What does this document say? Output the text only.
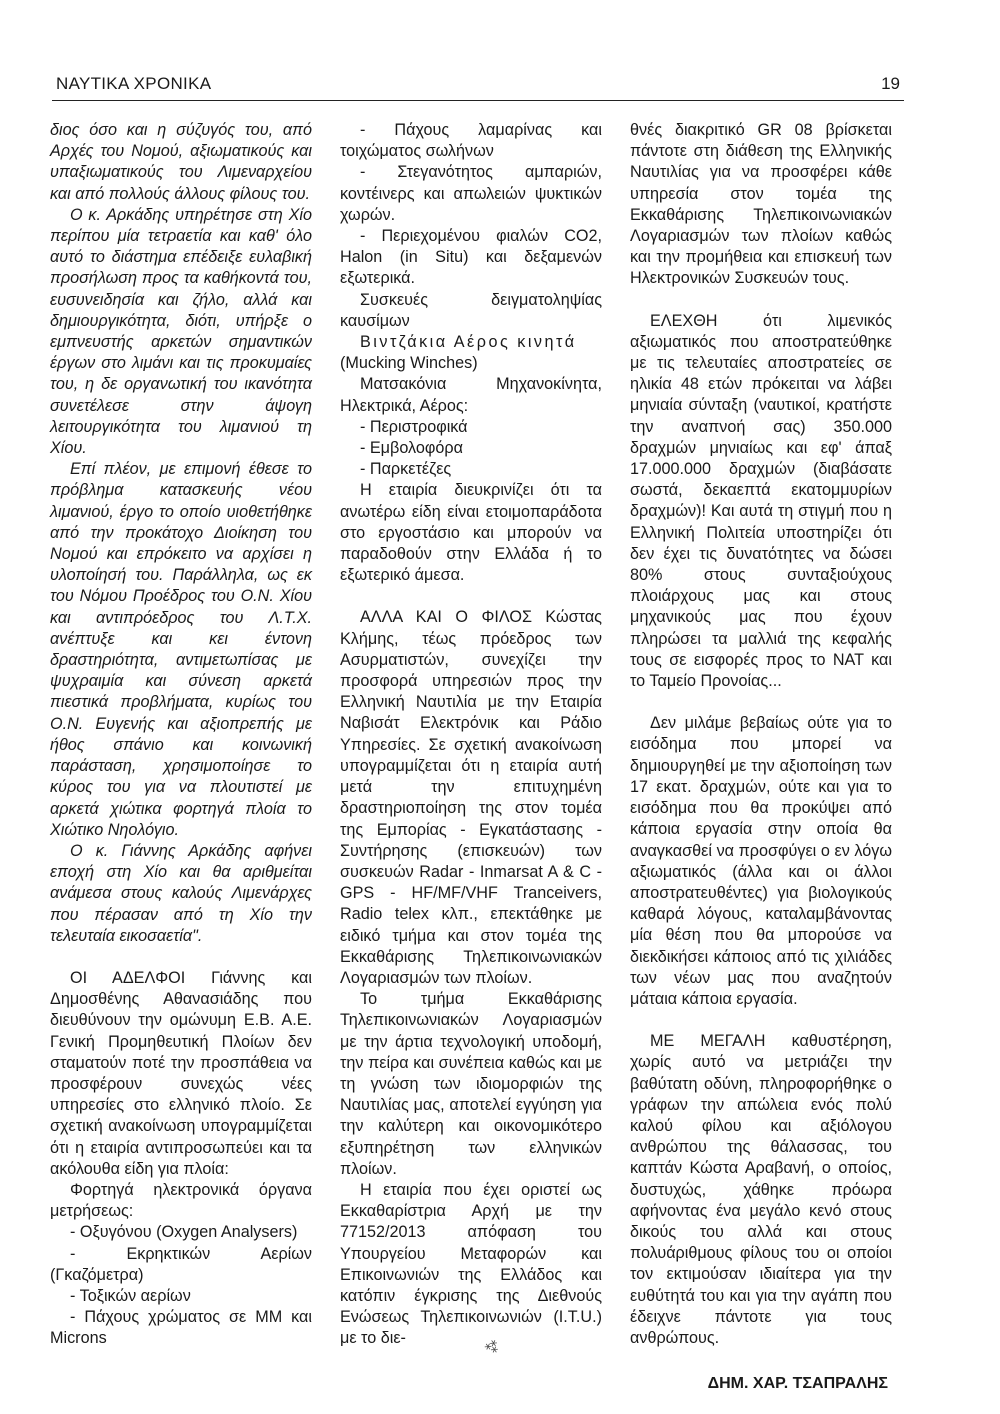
ΝΑΥΤΙΚΑ ΧΡΟΝΙΚΑ	19

διος όσο και η σύζυγός του, από Αρχές του Νομού, αξιωματικούς και υπαξιωματικούς του Λιμεναρχείου και από πολλούς άλλους φίλους του.

Ο κ. Αρκάδης υπηρέτησε στη Χίο περίπου μία τετραετία και καθ' όλο αυτό το διάστημα επέδειξε ευλαβική προσήλωση προς τα καθήκοντά του, ευσυνειδησία και ζήλο, αλλά και δημιουργικότητα, διότι, υπήρξε ο εμπνευστής αρκετών σημαντικών έργων στο λιμάνι και τις προκυμαίες του, η δε οργανωτική του ικανότητα συνετέλεσε στην άψογη λειτουργικότητα του λιμανιού τη Χίου.

Επί πλέον, με επιμονή έθεσε το πρόβλημα κατασκευής νέου λιμανιού, έργο το οποίο υιοθετήθηκε από την προκάτοχο Διοίκηση του Νομού και επρόκειτο να αρχίσει η υλοποίησή του. Παράλληλα, ως εκ του Νόμου Προέδρος του Ο.Ν. Χίου και αντιπρόεδρος του Λ.Τ.Χ. ανέπτυξε και κει έντονη δραστηριότητα, αντιμετωπίσας με ψυχραιμία και σύνεση αρκετά πιεστικά προβλήματα, κυρίως του Ο.Ν. Ευγενής και αξιοπρεπής με ήθος σπάνιο και κοινωνική παράσταση, χρησιμοποίησε το κύρος του για να πλουτιστεί με αρκετά χιώτικα φορτηγά πλοία το Χιώτικο Νηολόγιο.

Ο κ. Γιάννης Αρκάδης αφήνει εποχή στη Χίο και θα αριθμείται ανάμεσα στους καλούς Λιμενάρχες που πέρασαν από τη Χίο την τελευταία εικοσαετία".

ΟΙ ΑΔΕΛΦΟΙ Γιάννης και Δημοσθένης Αθανασιάδης που διευθύνουν την ομώνυμη Ε.Β. Α.Ε. Γενική Προμηθευτική Πλοίων δεν σταματούν ποτέ την προσπάθεια να προσφέρουν συνεχώς νέες υπηρεσίες στο ελληνικό πλοίο. Σε σχετική ανακοίνωση υπογραμμίζεται ότι η εταιρία αντιπροσωπεύει και τα ακόλουθα είδη για πλοία:

Φορτηγά ηλεκτρονικά όργανα μετρήσεως:

- Οξυγόνου (Oxygen Analysers)

- Εκρηκτικών Αερίων (Γκαζόμετρα)

- Τοξικών αερίων

- Πάχους χρώματος σε ΜΜ και Microns

- Πάχους λαμαρίνας και τοιχώματος σωλήνων

- Στεγανότητος αμπαριών, κοντέινερς και απωλειών ψυκτικών χωρών.

- Περιεχομένου φιαλών CO2, Halon (in Situ) και δεξαμενών εξωτερικά.

Συσκευές δειγματοληψίας καυσίμων

Βιντζάκια Αέρος κινητά

(Mucking Winches)

Ματσακόνια Μηχανοκίνητα, Ηλεκτρικά, Αέρος:

- Περιστροφικά

- Εμβολοφόρα

- Παρκετέζες

Η εταιρία διευκρινίζει ότι τα ανωτέρω είδη είναι ετοιμοπαράδοτα στο εργοστάσιο και μπορούν να παραδοθούν στην Ελλάδα ή το εξωτερικό άμεσα.

ΑΛΛΑ ΚΑΙ Ο ΦΙΛΟΣ Κώστας Κλήμης, τέως πρόεδρος των Ασυρματιστών, συνεχίζει την προσφορά υπηρεσιών προς την Ελληνική Ναυτιλία με την Εταιρία Ναβισάτ Ελεκτρόνικ και Ράδιο Υπηρεσίες. Σε σχετική ανακοίνωση υπογραμμίζεται ότι η εταιρία αυτή μετά την επιτυχημένη δραστηριοποίηση της στον τομέα της Εμπορίας - Εγκατάστασης - Συντήρησης (επισκευών) των συσκευών Radar - Inmarsat A & C - GPS - HF/MF/VHF Tranceivers, Radio telex κλπ., επεκτάθηκε με ειδικό τμήμα και στον τομέα της Εκκαθάρισης Τηλεπικοινωνιακών Λογαριασμών των πλοίων.

Το τμήμα Εκκαθάρισης Τηλεπικοινωνιακών Λογαριασμών με την άρτια τεχνολογική υποδομή, την πείρα και συνέπεια καθώς και με τη γνώση των ιδιομορφιών της Ναυτιλίας μας, αποτελεί εγγύηση για την καλύτερη και οικονομικότερο εξυπηρέτηση των ελληνικών πλοίων.

Η εταιρία που έχει οριστεί ως Εκκαθαρίστρια Αρχή με την 77152/2013 απόφαση του Υπουργείου Μεταφορών και Επικοινωνιών της Ελλάδος και κατόπιν έγκρισης της Διεθνούς Ενώσεως Τηλεπικοινωνιών (Ι.Τ.U.) με το διε-

θνές διακριτικό GR 08 βρίσκεται πάντοτε στη διάθεση της Ελληνικής Ναυτιλίας για να προσφέρει κάθε υπηρεσία στον τομέα της Εκκαθάρισης Τηλεπικοινωνιακών Λογαριασμών των πλοίων καθώς και την προμήθεια και επισκευή των Ηλεκτρονικών Συσκευών τους.

ΕΛΕΧΘΗ ότι λιμενικός αξιωματικός που αποστρατεύθηκε με τις τελευταίες αποστρατείες σε ηλικία 48 ετών πρόκειται να λάβει μηνιαία σύνταξη (ναυτικοί, κρατήστε την αναπνοή σας) 350.000 δραχμών μηνιαίως και εφ' άπαξ 17.000.000 δραχμών (διαβάσατε σωστά, δεκαεπτά εκατομμυρίων δραχμών)! Και αυτά τη στιγμή που η Ελληνική Πολιτεία υποστηρίζει ότι δεν έχει τις δυνατότητες να δώσει 80% στους συνταξιούχους πλοιάρχους μας και στους μηχανικούς μας που έχουν πληρώσει τα μαλλιά της κεφαλής τους σε εισφορές προς το ΝΑΤ και το Ταμείο Προνοίας...

Δεν μιλάμε βεβαίως ούτε για το εισόδημα που μπορεί να δημιουργηθεί με την αξιοποίηση των 17 εκατ. δραχμών, ούτε και για το εισόδημα που θα προκύψει από κάποια εργασία στην οποία θα αναγκασθεί να προσφύγει ο εν λόγω αξιωματικός (άλλα και οι άλλοι αποστρατευθέντες) για βιολογικούς καθαρά λόγους, καταλαμβάνοντας μία θέση που θα μπορούσε να διεκδικήσει κάποιος από τις χιλιάδες των νέων μας που αναζητούν μάταια κάποια εργασία.

ΜΕ ΜΕΓΑΛΗ καθυστέρηση, χωρίς αυτό να μετριάζει την βαθύτατη οδύνη, πληροφορήθηκε ο γράφων την απώλεια ενός πολύ καλού φίλου και αξιόλογου ανθρώπου της θάλασσας, του καπτάν Κώστα Αραβανή, ο οποίος, δυστυχώς, χάθηκε πρόωρα αφήνοντας ένα μεγάλο κενό στους δικούς του αλλά και στους πολυάριθμους φίλους του οι οποίοι τον εκτιμούσαν ιδιαίτερα για την ευθύτητά του και για την αγάπη που έδειχνε πάντοτε για τους ανθρώπους.

ΔΗΜ. ΧΑΡ. ΤΣΑΠΡΑΛΗΣ

⁂
